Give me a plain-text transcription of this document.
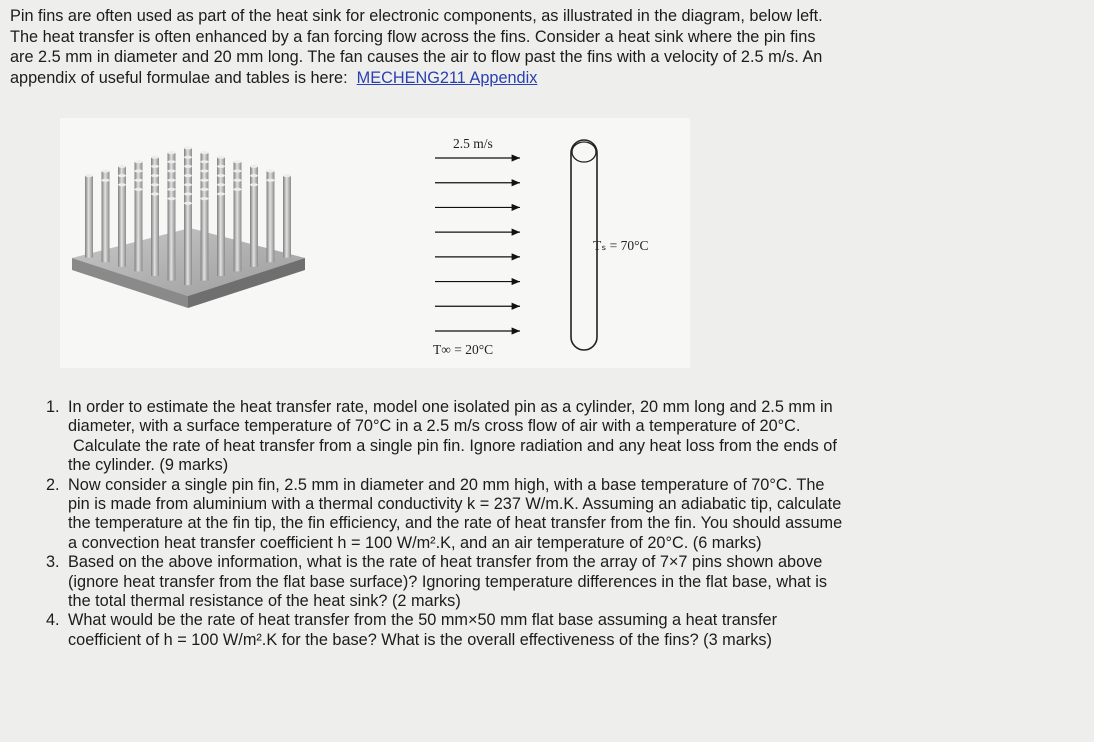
Pin fins are often used as part of the heat sink for electronic components, as illustrated in the diagram, below left.
The heat transfer is often enhanced by a fan forcing flow across the fins. Consider a heat sink where the pin fins
are 2.5 mm in diameter and 20 mm long. The fan causes the air to flow past the fins with a velocity of 2.5 m/s. An
appendix of useful formulae and tables is here: MECHENG211 Appendix
2.5 m/s
Tₛ = 70°C
T∞ = 20°C
1. In order to estimate the heat transfer rate, model one isolated pin as a cylinder, 20 mm long and 2.5 mm in
diameter, with a surface temperature of 70°C in a 2.5 m/s cross flow of air with a temperature of 20°C.
Calculate the rate of heat transfer from a single pin fin. Ignore radiation and any heat loss from the ends of
the cylinder. (9 marks)
2. Now consider a single pin fin, 2.5 mm in diameter and 20 mm high, with a base temperature of 70°C. The
pin is made from aluminium with a thermal conductivity k = 237 W/m.K. Assuming an adiabatic tip, calculate
the temperature at the fin tip, the fin efficiency, and the rate of heat transfer from the fin. You should assume
a convection heat transfer coefficient h = 100 W/m².K, and an air temperature of 20°C. (6 marks)
3. Based on the above information, what is the rate of heat transfer from the array of 7×7 pins shown above
(ignore heat transfer from the flat base surface)? Ignoring temperature differences in the flat base, what is
the total thermal resistance of the heat sink? (2 marks)
4. What would be the rate of heat transfer from the 50 mm×50 mm flat base assuming a heat transfer
coefficient of h = 100 W/m².K for the base? What is the overall effectiveness of the fins? (3 marks)
